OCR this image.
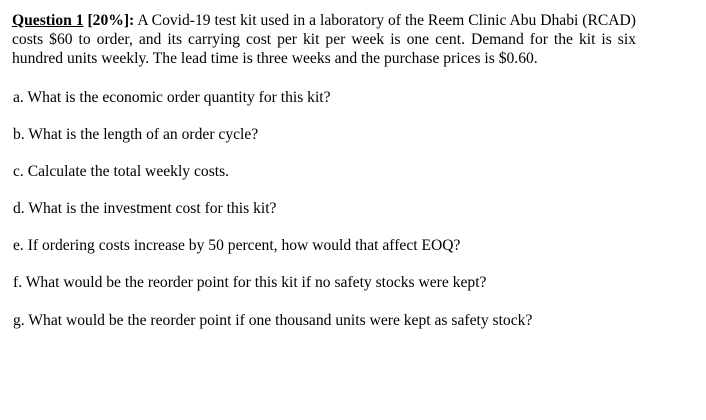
Question 1 [20%]: A Covid-19 test kit used in a laboratory of the Reem Clinic Abu Dhabi (RCAD) costs $60 to order, and its carrying cost per kit per week is one cent. Demand for the kit is six hundred units weekly. The lead time is three weeks and the purchase prices is $0.60.

a. What is the economic order quantity for this kit?
b. What is the length of an order cycle?
c. Calculate the total weekly costs.
d. What is the investment cost for this kit?
e. If ordering costs increase by 50 percent, how would that affect EOQ?
f. What would be the reorder point for this kit if no safety stocks were kept?
g. What would be the reorder point if one thousand units were kept as safety stock?
